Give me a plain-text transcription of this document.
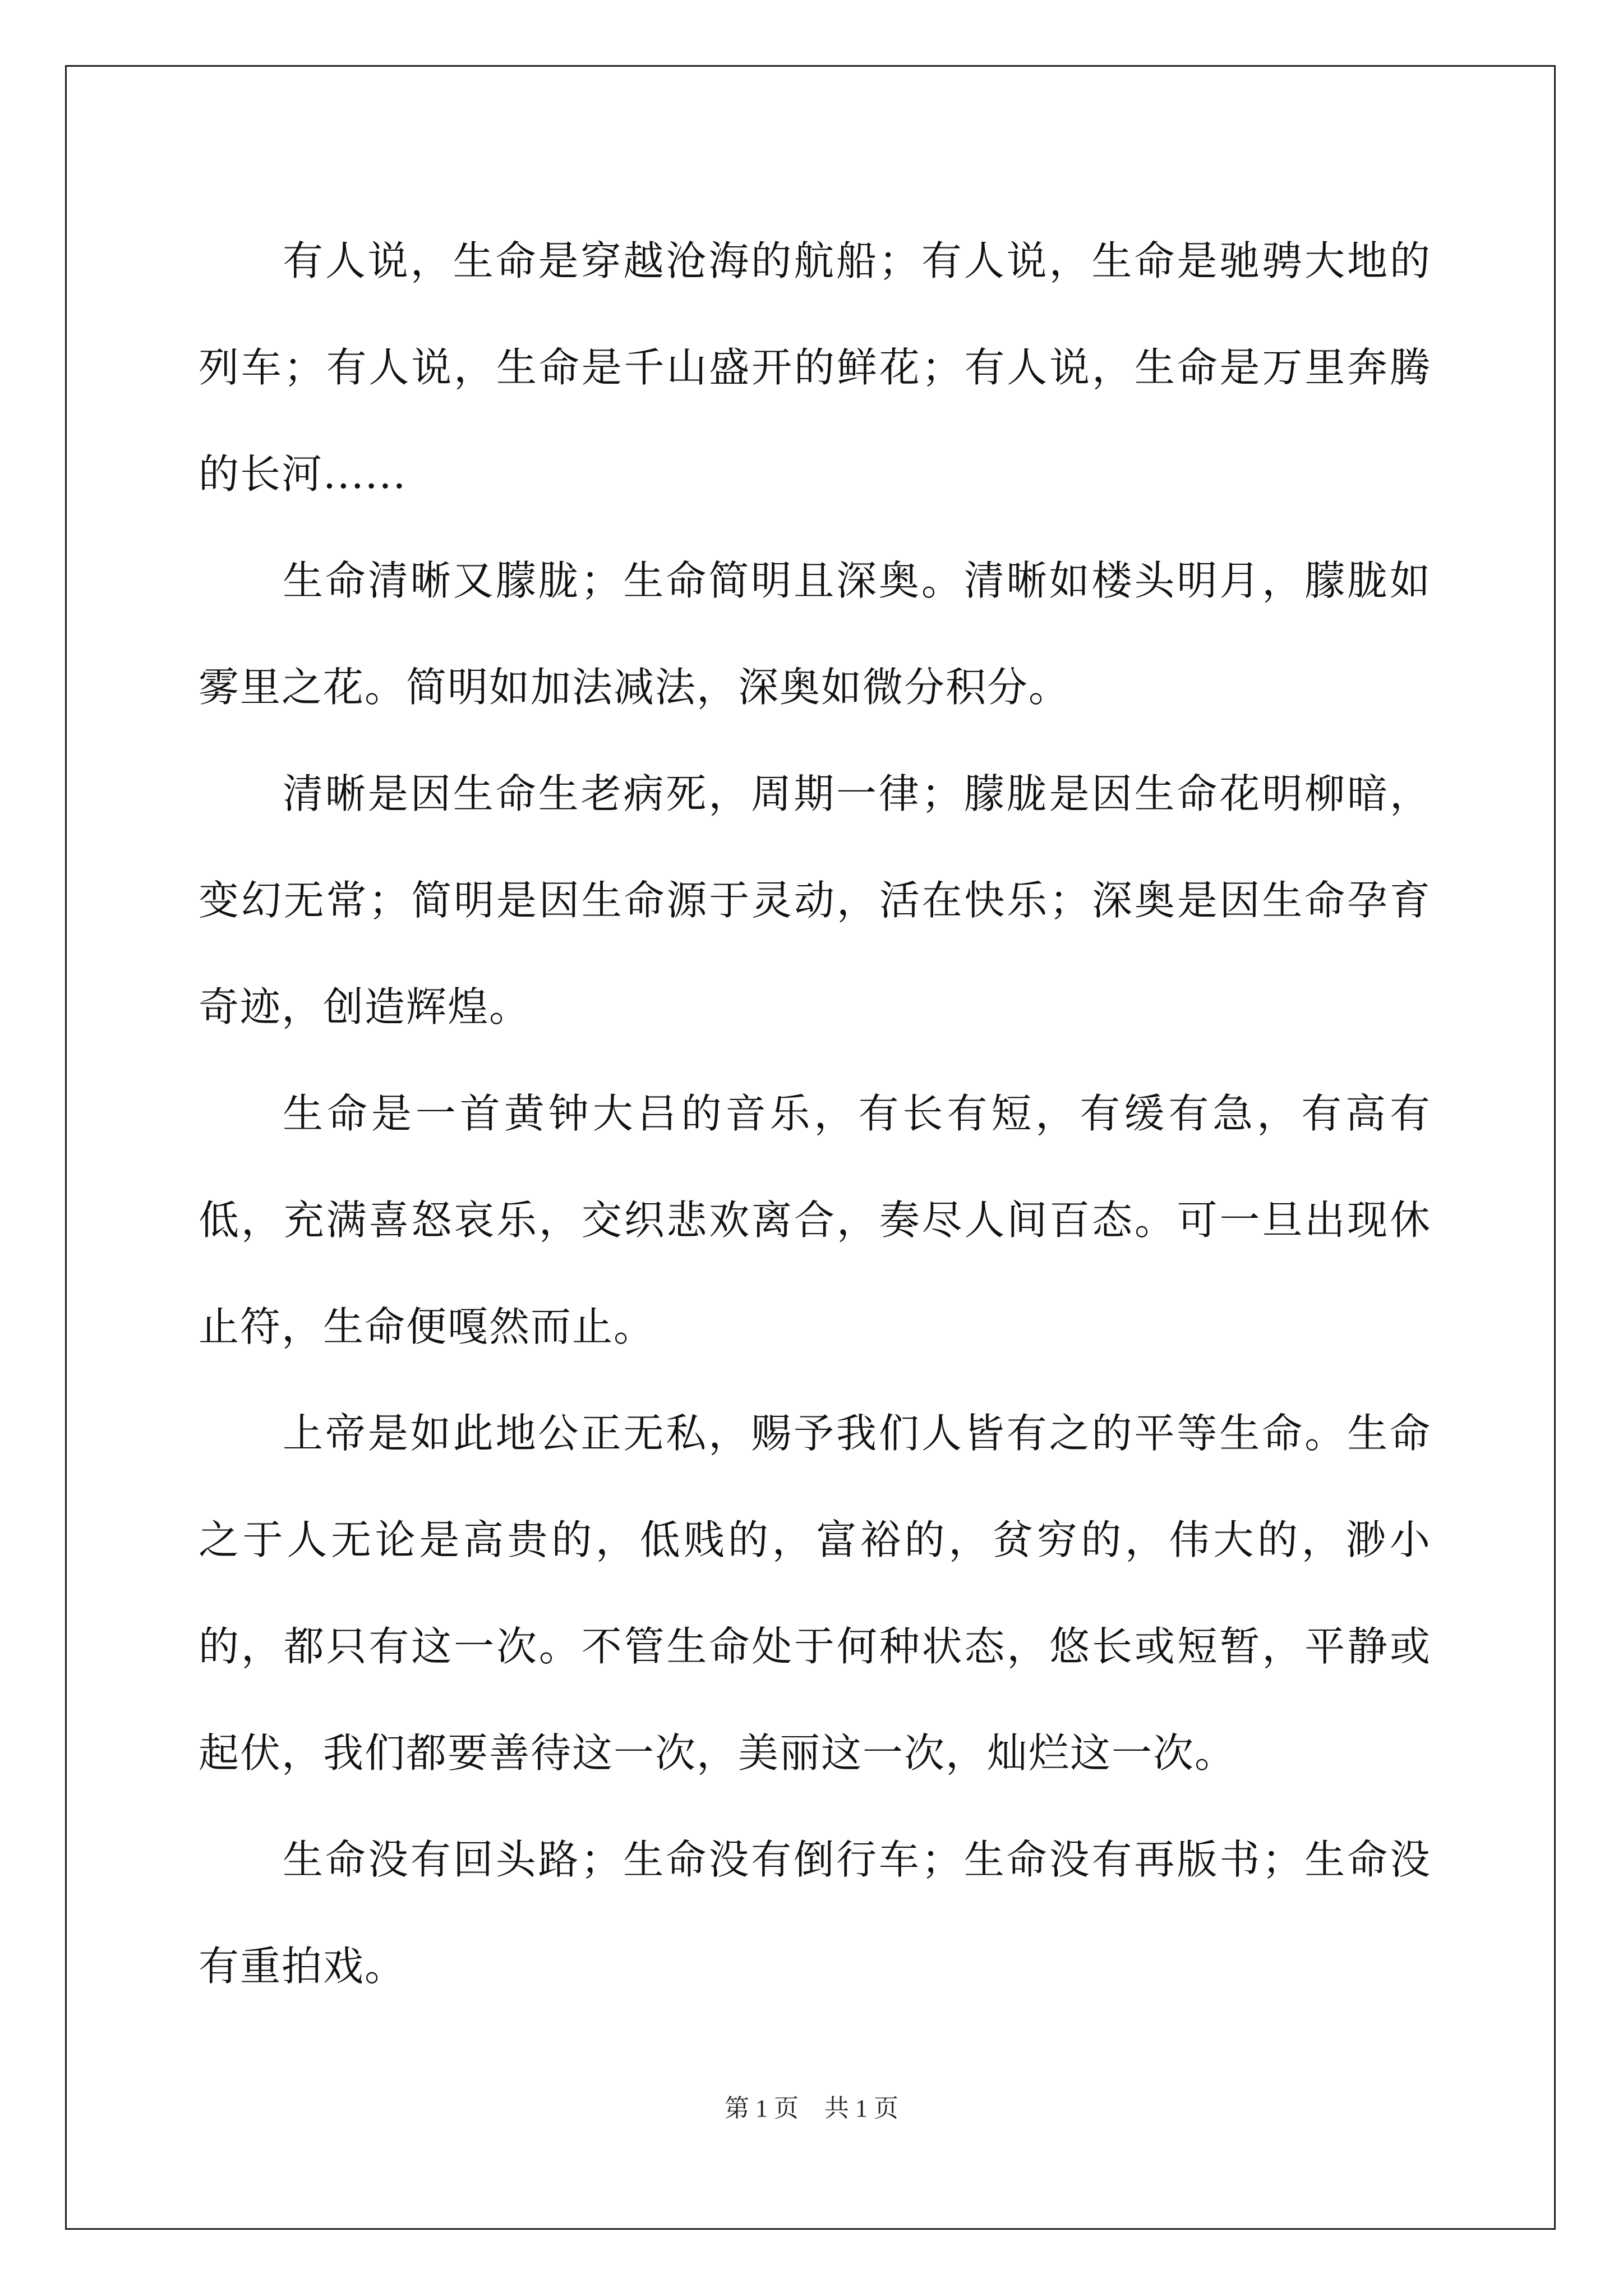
有人说，生命是穿越沧海的航船；有人说，生命是驰骋大地的列车；有人说，生命是千山盛开的鲜花；有人说，生命是万里奔腾的长河......

生命清晰又朦胧；生命简明且深奥。清晰如楼头明月，朦胧如雾里之花。简明如加法减法，深奥如微分积分。

清晰是因生命生老病死，周期一律；朦胧是因生命花明柳暗，变幻无常；简明是因生命源于灵动，活在快乐；深奥是因生命孕育奇迹，创造辉煌。

生命是一首黄钟大吕的音乐，有长有短，有缓有急，有高有低，充满喜怒哀乐，交织悲欢离合，奏尽人间百态。可一旦出现休止符，生命便嘎然而止。

上帝是如此地公正无私，赐予我们人皆有之的平等生命。生命之于人无论是高贵的，低贱的，富裕的，贫穷的，伟大的，渺小的，都只有这一次。不管生命处于何种状态，悠长或短暂，平静或起伏，我们都要善待这一次，美丽这一次，灿烂这一次。

生命没有回头路；生命没有倒行车；生命没有再版书；生命没有重拍戏。

第 1 页 共 1 页
